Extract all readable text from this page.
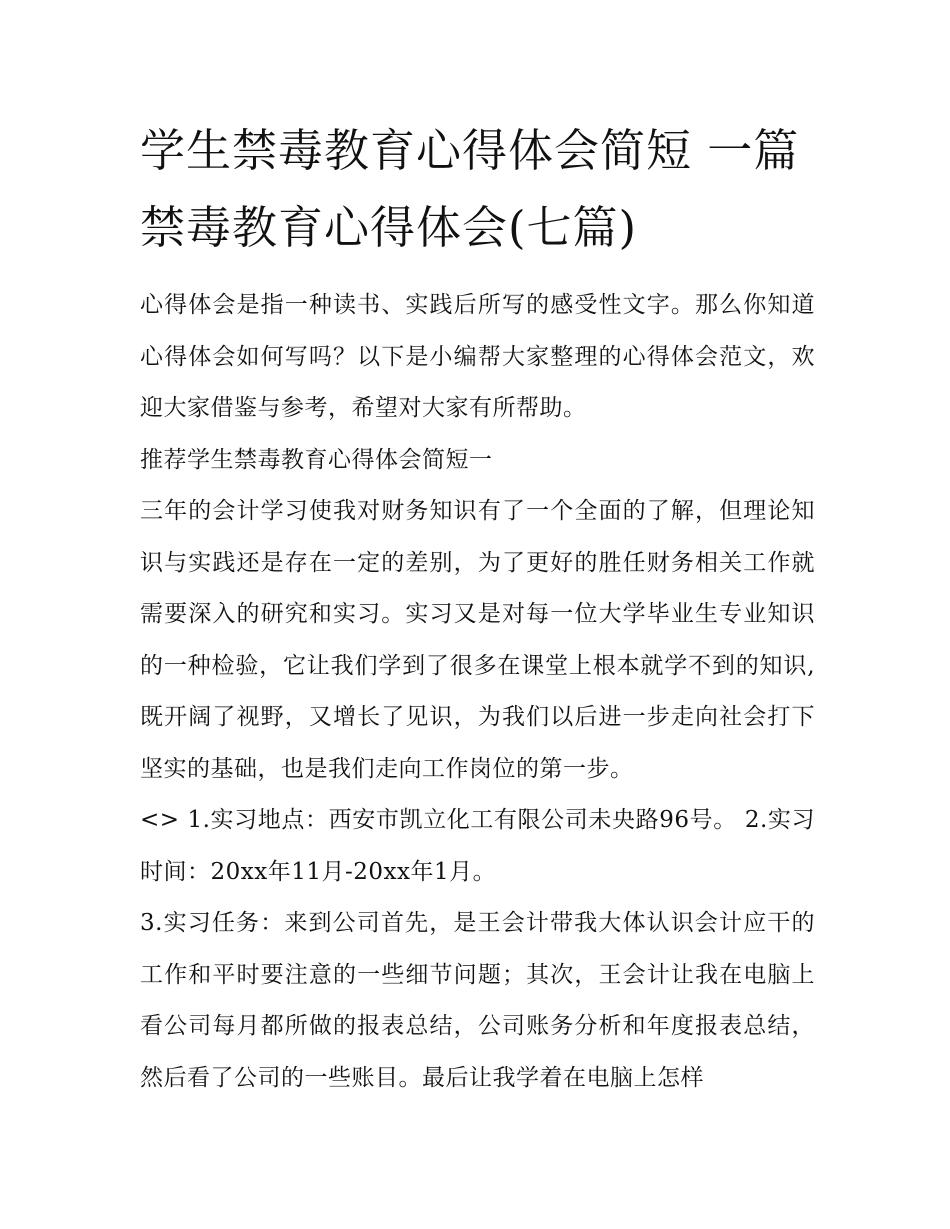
学生禁毒教育心得体会简短 一篇禁毒教育心得体会(七篇)

心得体会是指一种读书、实践后所写的感受性文字。那么你知道心得体会如何写吗？以下是小编帮大家整理的心得体会范文，欢迎大家借鉴与参考，希望对大家有所帮助。

推荐学生禁毒教育心得体会简短一

三年的会计学习使我对财务知识有了一个全面的了解，但理论知识与实践还是存在一定的差别，为了更好的胜任财务相关工作就需要深入的研究和实习。实习又是对每一位大学毕业生专业知识的一种检验，它让我们学到了很多在课堂上根本就学不到的知识,既开阔了视野，又增长了见识，为我们以后进一步走向社会打下坚实的基础，也是我们走向工作岗位的第一步。

<> 1.实习地点：西安市凯立化工有限公司未央路96号。 2.实习时间：20xx年11月-20xx年1月。

3.实习任务：来到公司首先，是王会计带我大体认识会计应干的工作和平时要注意的一些细节问题；其次，王会计让我在电脑上看公司每月都所做的报表总结，公司账务分析和年度报表总结，然后看了公司的一些账目。最后让我学着在电脑上怎样
